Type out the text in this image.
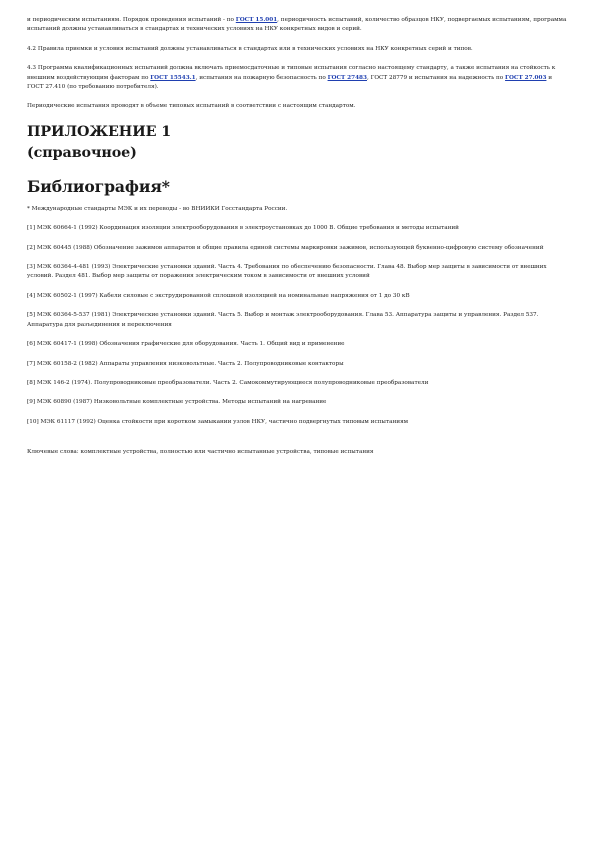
и периодическим испытаниям. Порядок проведения испытаний - по ГОСТ 15.001, периодичность испытаний, количество образцов НКУ, подвергаемых испытаниям, программа испытаний должны устанавливаться в стандартах и технических условиях на НКУ конкретных видов и серий.

4.2 Правила приемки и условия испытаний должны устанавливаться в стандартах или в технических условиях на НКУ конкретных серий и типов.

4.3 Программа квалификационных испытаний должна включать приемосдаточные и типовые испытания согласно настоящему стандарту, а также испытания на стойкость к внешним воздействующим факторам по ГОСТ 15543.1, испытания на пожарную безопасность по ГОСТ 27483, ГОСТ 28779 и испытания на надежность по ГОСТ 27.003 и ГОСТ 27.410 (по требованию потребителя).

Периодические испытания проводят в объеме типовых испытаний в соответствии с настоящим стандартом.

ПРИЛОЖЕНИЕ 1
(справочное)
Библиография*

* Международные стандарты МЭК и их переводы - во ВНИИКИ Госстандарта России.

[1] МЭК 60664-1 (1992) Координация изоляции электрооборудования в электроустановках до 1000 В. Общие требования и методы испытаний

[2] МЭК 60445 (1988) Обозначение зажимов аппаратов и общие правила единой системы маркировки зажимов, использующей буквенно-цифровую систему обозначений

[3] МЭК 60364-4-481 (1993) Электрические установки зданий. Часть 4. Требования по обеспечению безопасности. Глава 48. Выбор мер защиты в зависимости от внешних условий. Раздел 481. Выбор мер защиты от поражения электрическим током в зависимости от внешних условий

[4] МЭК 60502-1 (1997) Кабели силовые с экструдированной сплошной изоляцией на номинальные напряжения от 1 до 30 кВ

[5] МЭК 60364-5-537 (1981) Электрические установки зданий. Часть 5. Выбор и монтаж электрооборудования. Глава 53. Аппаратура защиты и управления. Раздел 537. Аппаратура для разъединения и переключения

[6] МЭК 60417-1 (1998) Обозначения графические для оборудования. Часть 1. Общий вид и применение

[7] МЭК 60158-2 (1982) Аппараты управления низковольтные. Часть 2. Полупроводниковые контакторы

[8] МЭК 146-2 (1974). Полупроводниковые преобразователи. Часть 2. Самокоммутирующиеся полупроводниковые преобразователи

[9] МЭК 60890 (1987) Низковольтные комплектные устройства. Методы испытаний на нагревание

[10] МЭК 61117 (1992) Оценка стойкости при коротком замыкании узлов НКУ, частично подвергнутых типовым испытаниям

Ключевые слова: комплектные устройства, полностью или частично испытанные устройства, типовые испытания
